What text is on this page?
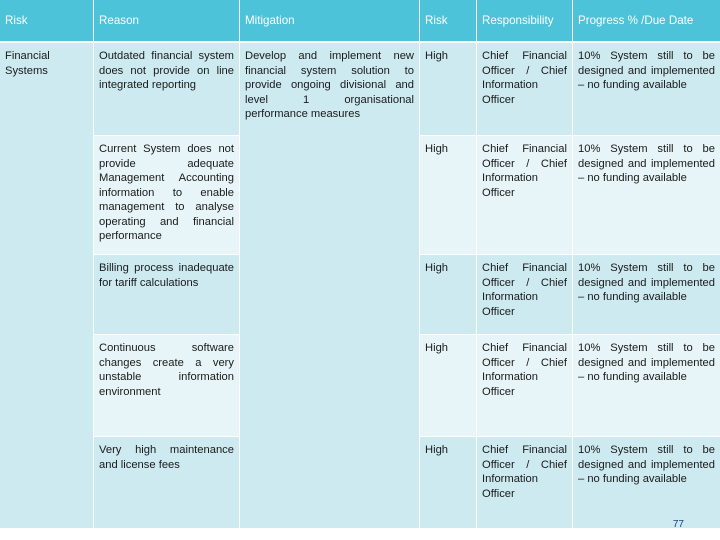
Risk	Reason	Mitigation	Risk	Responsibility	Progress % /Due Date
Financial Systems	Outdated financial system does not provide on line integrated reporting	Develop and implement new financial system solution to provide ongoing divisional and level 1 organisational performance measures	High	Chief Financial Officer / Chief Information Officer	10% System still to be designed and implemented – no funding available
	Current System does not provide adequate Management Accounting information to enable management to analyse operating and financial performance		High	Chief Financial Officer / Chief Information Officer	10% System still to be designed and implemented – no funding available
	Billing process inadequate for tariff calculations		High	Chief Financial Officer / Chief Information Officer	10% System still to be designed and implemented – no funding available
	Continuous software changes create a very unstable information environment		High	Chief Financial Officer / Chief Information Officer	10% System still to be designed and implemented – no funding available
	Very high maintenance and license fees		High	Chief Financial Officer / Chief Information Officer	10% System still to be designed and implemented – no funding available
77
